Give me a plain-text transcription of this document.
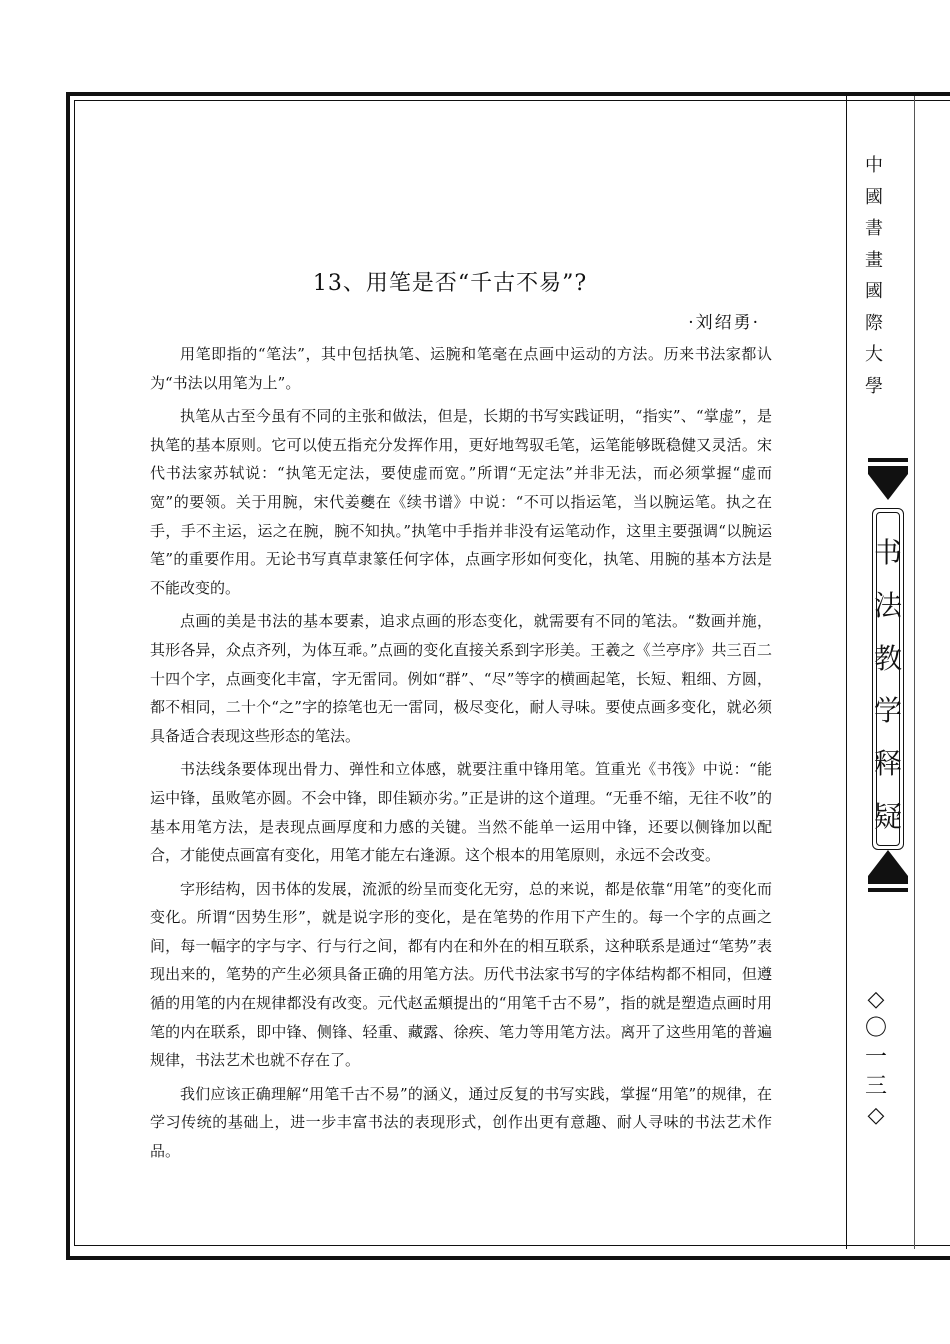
13、用笔是否“千古不易”?
·刘绍勇·

用笔即指的“笔法”，其中包括执笔、运腕和笔毫在点画中运动的方法。历来书法家都认为“书法以用笔为上”。

执笔从古至今虽有不同的主张和做法，但是，长期的书写实践证明，“指实”、“掌虚”，是执笔的基本原则。它可以使五指充分发挥作用，更好地驾驭毛笔，运笔能够既稳健又灵活。宋代书法家苏轼说：“执笔无定法，要使虚而宽。”所谓“无定法”并非无法，而必须掌握“虚而宽”的要领。关于用腕，宋代姜夔在《续书谱》中说：“不可以指运笔，当以腕运笔。执之在手，手不主运，运之在腕，腕不知执。”执笔中手指并非没有运笔动作，这里主要强调“以腕运笔”的重要作用。无论书写真草隶篆任何字体，点画字形如何变化，执笔、用腕的基本方法是不能改变的。

点画的美是书法的基本要素，追求点画的形态变化，就需要有不同的笔法。“数画并施，其形各异，众点齐列，为体互乖。”点画的变化直接关系到字形美。王羲之《兰亭序》共三百二十四个字，点画变化丰富，字无雷同。例如“群”、“尽”等字的横画起笔，长短、粗细、方圆，都不相同，二十个“之”字的捺笔也无一雷同，极尽变化，耐人寻味。要使点画多变化，就必须具备适合表现这些形态的笔法。

书法线条要体现出骨力、弹性和立体感，就要注重中锋用笔。笪重光《书筏》中说：“能运中锋，虽败笔亦圆。不会中锋，即佳颖亦劣。”正是讲的这个道理。“无垂不缩，无往不收”的基本用笔方法，是表现点画厚度和力感的关键。当然不能单一运用中锋，还要以侧锋加以配合，才能使点画富有变化，用笔才能左右逢源。这个根本的用笔原则，永远不会改变。

字形结构，因书体的发展，流派的纷呈而变化无穷，总的来说，都是依靠“用笔”的变化而变化。所谓“因势生形”，就是说字形的变化，是在笔势的作用下产生的。每一个字的点画之间，每一幅字的字与字、行与行之间，都有内在和外在的相互联系，这种联系是通过“笔势”表现出来的，笔势的产生必须具备正确的用笔方法。历代书法家书写的字体结构都不相同，但遵循的用笔的内在规律都没有改变。元代赵孟頫提出的“用笔千古不易”，指的就是塑造点画时用笔的内在联系，即中锋、侧锋、轻重、藏露、徐疾、笔力等用笔方法。离开了这些用笔的普遍规律，书法艺术也就不存在了。

我们应该正确理解“用笔千古不易”的涵义，通过反复的书写实践，掌握“用笔”的规律，在学习传统的基础上，进一步丰富书法的表现形式，创作出更有意趣、耐人寻味的书法艺术作品。

中國書畫國際大學
书法教学释疑
◇〇一三◇
